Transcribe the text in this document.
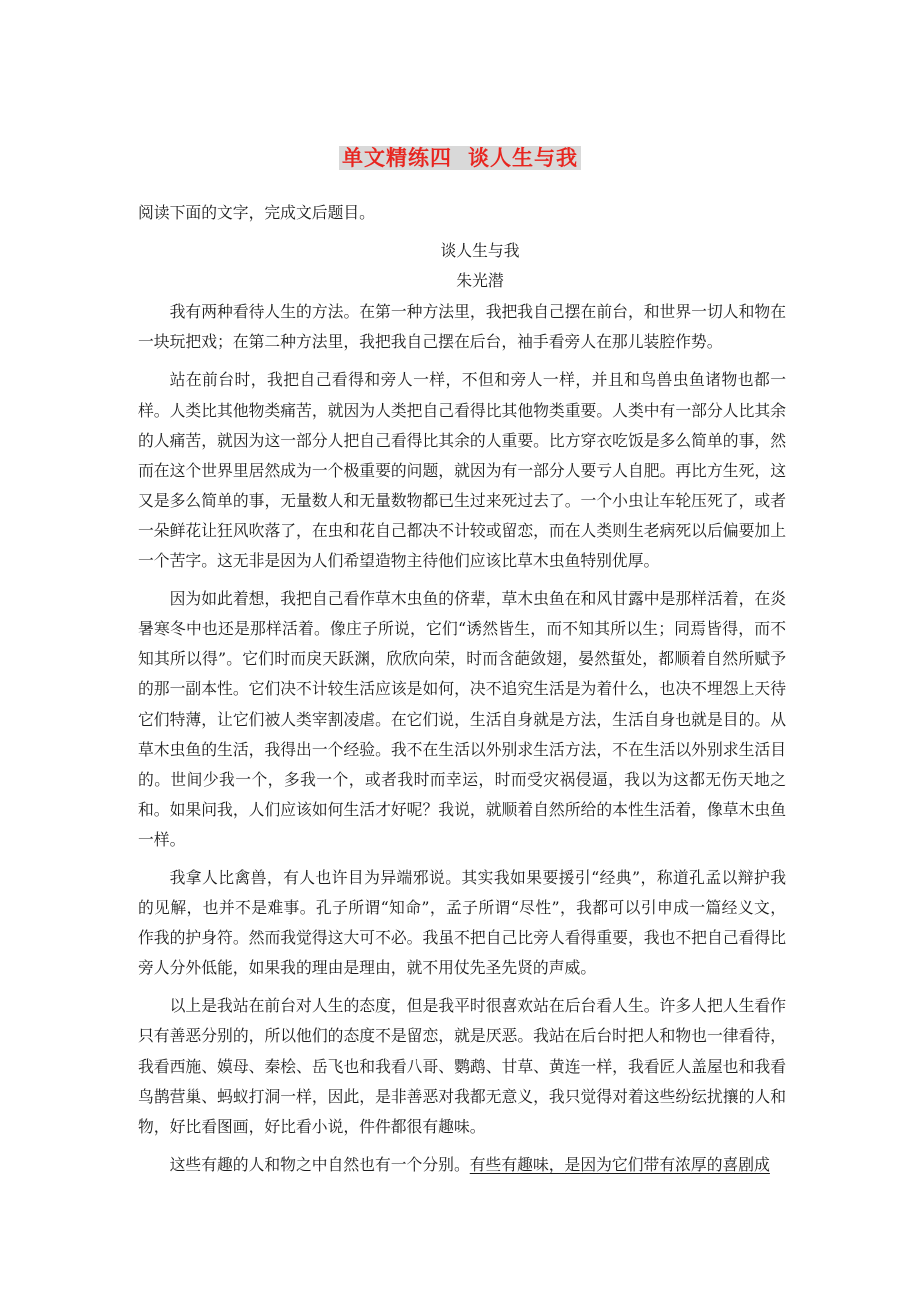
单文精练四 谈人生与我

阅读下面的文字，完成文后题目。

谈人生与我

朱光潜

我有两种看待人生的方法。在第一种方法里，我把我自己摆在前台，和世界一切人和物在一块玩把戏；在第二种方法里，我把我自己摆在后台，袖手看旁人在那儿装腔作势。

站在前台时，我把自己看得和旁人一样，不但和旁人一样，并且和鸟兽虫鱼诸物也都一样。人类比其他物类痛苦，就因为人类把自己看得比其他物类重要。人类中有一部分人比其余的人痛苦，就因为这一部分人把自己看得比其余的人重要。比方穿衣吃饭是多么简单的事，然而在这个世界里居然成为一个极重要的问题，就因为有一部分人要亏人自肥。再比方生死，这又是多么简单的事，无量数人和无量数物都已生过来死过去了。一个小虫让车轮压死了，或者一朵鲜花让狂风吹落了，在虫和花自己都决不计较或留恋，而在人类则生老病死以后偏要加上一个苦字。这无非是因为人们希望造物主待他们应该比草木虫鱼特别优厚。

因为如此着想，我把自己看作草木虫鱼的侪辈，草木虫鱼在和风甘露中是那样活着，在炎暑寒冬中也还是那样活着。像庄子所说，它们“诱然皆生，而不知其所以生；同焉皆得，而不知其所以得”。它们时而戾天跃渊，欣欣向荣，时而含葩敛翅，晏然蜇处，都顺着自然所赋予的那一副本性。它们决不计较生活应该是如何，决不追究生活是为着什么，也决不埋怨上天待它们特薄，让它们被人类宰割凌虐。在它们说，生活自身就是方法，生活自身也就是目的。从草木虫鱼的生活，我得出一个经验。我不在生活以外别求生活方法，不在生活以外别求生活目的。世间少我一个，多我一个，或者我时而幸运，时而受灾祸侵逼，我以为这都无伤天地之和。如果问我，人们应该如何生活才好呢？我说，就顺着自然所给的本性生活着，像草木虫鱼一样。

我拿人比禽兽，有人也许目为异端邪说。其实我如果要援引“经典”，称道孔孟以辩护我的见解，也并不是难事。孔子所谓“知命”，孟子所谓“尽性”，我都可以引申成一篇经义文，作我的护身符。然而我觉得这大可不必。我虽不把自己比旁人看得重要，我也不把自己看得比旁人分外低能，如果我的理由是理由，就不用仗先圣先贤的声威。

以上是我站在前台对人生的态度，但是我平时很喜欢站在后台看人生。许多人把人生看作只有善恶分别的，所以他们的态度不是留恋，就是厌恶。我站在后台时把人和物也一律看待，我看西施、嫫母、秦桧、岳飞也和我看八哥、鹦鹉、甘草、黄连一样，我看匠人盖屋也和我看鸟鹊营巢、蚂蚁打洞一样，因此，是非善恶对我都无意义，我只觉得对着这些纷纭扰攘的人和物，好比看图画，好比看小说，件件都很有趣味。

这些有趣的人和物之中自然也有一个分别。有些有趣味，是因为它们带有浓厚的喜剧成
